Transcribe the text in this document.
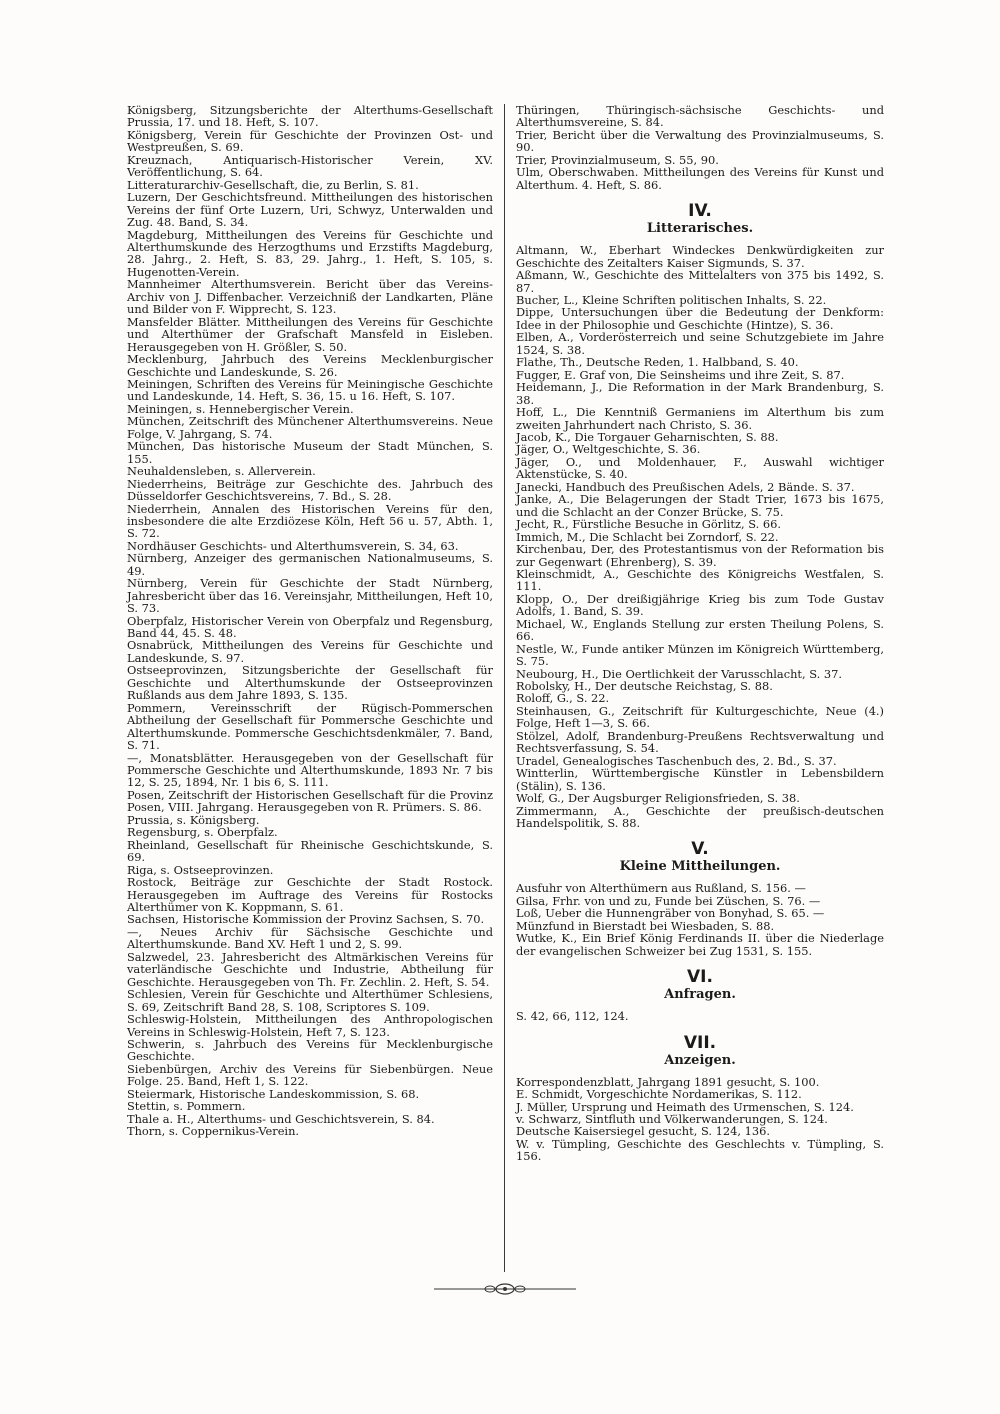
Königsberg, Sitzungsberichte der Alterthums-Gesellschaft Prussia, 17. und 18. Heft, S. 107.

Königsberg, Verein für Geschichte der Provinzen Ost- und Westpreußen, S. 69.

Kreuznach, Antiquarisch-Historischer Verein, XV. Veröffentlichung, S. 64.

Litteraturarchiv-Gesellschaft, die, zu Berlin, S. 81.

Luzern, Der Geschichtsfreund. Mittheilungen des historischen Vereins der fünf Orte Luzern, Uri, Schwyz, Unterwalden und Zug. 48. Band, S. 34.

Magdeburg, Mittheilungen des Vereins für Geschichte und Alterthumskunde des Herzogthums und Erzstifts Magdeburg, 28. Jahrg., 2. Heft, S. 83, 29. Jahrg., 1. Heft, S. 105, s. Hugenotten-Verein.

Mannheimer Alterthumsverein. Bericht über das Vereins-Archiv von J. Diffenbacher. Verzeichniß der Landkarten, Pläne und Bilder von F. Wipprecht, S. 123.

Mansfelder Blätter. Mittheilungen des Vereins für Geschichte und Alterthümer der Grafschaft Mansfeld in Eisleben. Herausgegeben von H. Größler, S. 50.

Mecklenburg, Jahrbuch des Vereins Mecklenburgischer Geschichte und Landeskunde, S. 26.

Meiningen, Schriften des Vereins für Meiningische Geschichte und Landeskunde, 14. Heft, S. 36, 15. u 16. Heft, S. 107.

Meiningen, s. Hennebergischer Verein.

München, Zeitschrift des Münchener Alterthumsvereins. Neue Folge, V. Jahrgang, S. 74.

München, Das historische Museum der Stadt München, S. 155.

Neuhaldensleben, s. Allerverein.

Niederrheins, Beiträge zur Geschichte des. Jahrbuch des Düsseldorfer Geschichtsvereins, 7. Bd., S. 28.

Niederrhein, Annalen des Historischen Vereins für den, insbesondere die alte Erzdiözese Köln, Heft 56 u. 57, Abth. 1, S. 72.

Nordhäuser Geschichts- und Alterthumsverein, S. 34, 63.

Nürnberg, Anzeiger des germanischen Nationalmuseums, S. 49.

Nürnberg, Verein für Geschichte der Stadt Nürnberg, Jahresbericht über das 16. Vereinsjahr, Mittheilungen, Heft 10, S. 73.

Oberpfalz, Historischer Verein von Oberpfalz und Regensburg, Band 44, 45. S. 48.

Osnabrück, Mittheilungen des Vereins für Geschichte und Landeskunde, S. 97.

Ostseeprovinzen, Sitzungsberichte der Gesellschaft für Geschichte und Alterthumskunde der Ostseeprovinzen Rußlands aus dem Jahre 1893, S. 135.

Pommern, Vereinsschrift der Rügisch-Pommerschen Abtheilung der Gesellschaft für Pommersche Geschichte und Alterthumskunde. Pommersche Geschichtsdenkmäler, 7. Band, S. 71.

—, Monatsblätter. Herausgegeben von der Gesellschaft für Pommersche Geschichte und Alterthumskunde, 1893 Nr. 7 bis 12, S. 25, 1894, Nr. 1 bis 6, S. 111.

Posen, Zeitschrift der Historischen Gesellschaft für die Provinz Posen, VIII. Jahrgang. Herausgegeben von R. Prümers. S. 86.

Prussia, s. Königsberg.

Regensburg, s. Oberpfalz.

Rheinland, Gesellschaft für Rheinische Geschichtskunde, S. 69.

Riga, s. Ostseeprovinzen.

Rostock, Beiträge zur Geschichte der Stadt Rostock. Herausgegeben im Auftrage des Vereins für Rostocks Alterthümer von K. Koppmann, S. 61.

Sachsen, Historische Kommission der Provinz Sachsen, S. 70.

—, Neues Archiv für Sächsische Geschichte und Alterthumskunde. Band XV. Heft 1 und 2, S. 99.

Salzwedel, 23. Jahresbericht des Altmärkischen Vereins für vaterländische Geschichte und Industrie, Abtheilung für Geschichte. Herausgegeben von Th. Fr. Zechlin. 2. Heft, S. 54.

Schlesien, Verein für Geschichte und Alterthümer Schlesiens, S. 69, Zeitschrift Band 28, S. 108, Scriptores S. 109.

Schleswig-Holstein, Mittheilungen des Anthropologischen Vereins in Schleswig-Holstein, Heft 7, S. 123.

Schwerin, s. Jahrbuch des Vereins für Mecklenburgische Geschichte.

Siebenbürgen, Archiv des Vereins für Siebenbürgen. Neue Folge. 25. Band, Heft 1, S. 122.

Steiermark, Historische Landeskommission, S. 68.

Stettin, s. Pommern.

Thale a. H., Alterthums- und Geschichtsverein, S. 84.

Thorn, s. Coppernikus-Verein.

Thüringen, Thüringisch-sächsische Geschichts- und Alterthumsvereine, S. 84.

Trier, Bericht über die Verwaltung des Provinzialmuseums, S. 90.

Trier, Provinzialmuseum, S. 55, 90.

Ulm, Oberschwaben. Mittheilungen des Vereins für Kunst und Alterthum. 4. Heft, S. 86.

IV.
Litterarisches.

Altmann, W., Eberhart Windeckes Denkwürdigkeiten zur Geschichte des Zeitalters Kaiser Sigmunds, S. 37.

Aßmann, W., Geschichte des Mittelalters von 375 bis 1492, S. 87.

Bucher, L., Kleine Schriften politischen Inhalts, S. 22.

Dippe, Untersuchungen über die Bedeutung der Denkform: Idee in der Philosophie und Geschichte (Hintze), S. 36.

Elben, A., Vorderösterreich und seine Schutzgebiete im Jahre 1524, S. 38.

Flathe, Th., Deutsche Reden, 1. Halbband, S. 40.

Fugger, E. Graf von, Die Seinsheims und ihre Zeit, S. 87.

Heidemann, J., Die Reformation in der Mark Brandenburg, S. 38.

Hoff, L., Die Kenntniß Germaniens im Alterthum bis zum zweiten Jahrhundert nach Christo, S. 36.

Jacob, K., Die Torgauer Geharnischten, S. 88.

Jäger, O., Weltgeschichte, S. 36.

Jäger, O., und Moldenhauer, F., Auswahl wichtiger Aktenstücke, S. 40.

Janecki, Handbuch des Preußischen Adels, 2 Bände. S. 37.

Janke, A., Die Belagerungen der Stadt Trier, 1673 bis 1675, und die Schlacht an der Conzer Brücke, S. 75.

Jecht, R., Fürstliche Besuche in Görlitz, S. 66.

Immich, M., Die Schlacht bei Zorndorf, S. 22.

Kirchenbau, Der, des Protestantismus von der Reformation bis zur Gegenwart (Ehrenberg), S. 39.

Kleinschmidt, A., Geschichte des Königreichs Westfalen, S. 111.

Klopp, O., Der dreißigjährige Krieg bis zum Tode Gustav Adolfs, 1. Band, S. 39.

Michael, W., Englands Stellung zur ersten Theilung Polens, S. 66.

Nestle, W., Funde antiker Münzen im Königreich Württemberg, S. 75.

Neubourg, H., Die Oertlichkeit der Varusschlacht, S. 37.

Robolsky, H., Der deutsche Reichstag, S. 88.

Roloff, G., S. 22.

Steinhausen, G., Zeitschrift für Kulturgeschichte, Neue (4.) Folge, Heft 1—3, S. 66.

Stölzel, Adolf, Brandenburg-Preußens Rechtsverwaltung und Rechtsverfassung, S. 54.

Uradel, Genealogisches Taschenbuch des, 2. Bd., S. 37.

Wintterlin, Württembergische Künstler in Lebensbildern (Stälin), S. 136.

Wolf, G., Der Augsburger Religionsfrieden, S. 38.

Zimmermann, A., Geschichte der preußisch-deutschen Handelspolitik, S. 88.

V.
Kleine Mittheilungen.

Ausfuhr von Alterthümern aus Rußland, S. 156. —

Gilsa, Frhr. von und zu, Funde bei Züschen, S. 76. —

Loß, Ueber die Hunnengräber von Bonyhad, S. 65. —

Münzfund in Bierstadt bei Wiesbaden, S. 88.

Wutke, K., Ein Brief König Ferdinands II. über die Niederlage der evangelischen Schweizer bei Zug 1531, S. 155.

VI.
Anfragen.

S. 42, 66, 112, 124.

VII.
Anzeigen.

Korrespondenzblatt, Jahrgang 1891 gesucht, S. 100.

E. Schmidt, Vorgeschichte Nordamerikas, S. 112.

J. Müller, Ursprung und Heimath des Urmenschen, S. 124.

v. Schwarz, Sintfluth und Völkerwanderungen, S. 124.

Deutsche Kaisersiegel gesucht, S. 124, 136.

W. v. Tümpling, Geschichte des Geschlechts v. Tümpling, S. 156.
